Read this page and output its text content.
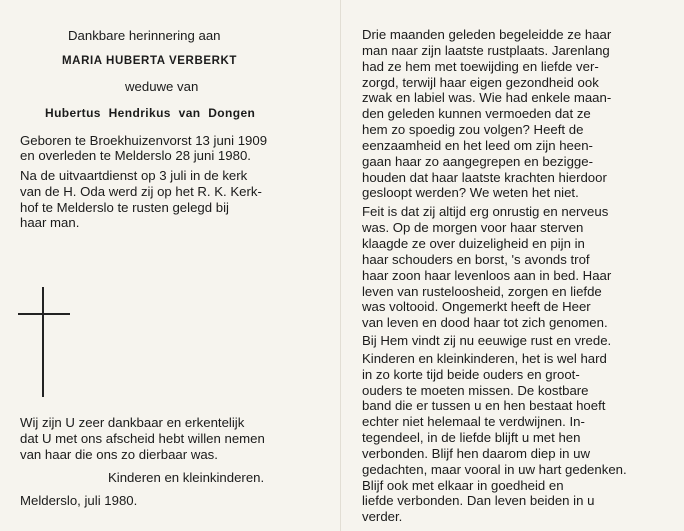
Dankbare herinnering aan
MARIA HUBERTA VERBERKT
weduwe van
Hubertus Hendrikus van Dongen
Geboren te Broekhuizenvorst 13 juni 1909
en overleden te Melderslo 28 juni 1980.
Na de uitvaartdienst op 3 juli in de kerk
van de H. Oda werd zij op het R. K. Kerk-
hof te Melderslo te rusten gelegd bij
haar man.
Wij zijn U zeer dankbaar en erkentelijk
dat U met ons afscheid hebt willen nemen
van haar die ons zo dierbaar was.
Kinderen en kleinkinderen.
Melderslo, juli 1980.
Drie maanden geleden begeleidde ze haar
man naar zijn laatste rustplaats. Jarenlang
had ze hem met toewijding en liefde ver-
zorgd, terwijl haar eigen gezondheid ook
zwak en labiel was. Wie had enkele maan-
den geleden kunnen vermoeden dat ze
hem zo spoedig zou volgen? Heeft de
eenzaamheid en het leed om zijn heen-
gaan haar zo aangegrepen en bezigge-
houden dat haar laatste krachten hierdoor
gesloopt werden? We weten het niet.
Feit is dat zij altijd erg onrustig en nerveus
was. Op de morgen voor haar sterven
klaagde ze over duizeligheid en pijn in
haar schouders en borst, 's avonds trof
haar zoon haar levenloos aan in bed. Haar
leven van rusteloosheid, zorgen en liefde
was voltooid. Ongemerkt heeft de Heer
van leven en dood haar tot zich genomen.
Bij Hem vindt zij nu eeuwige rust en vrede.
Kinderen en kleinkinderen, het is wel hard
in zo korte tijd beide ouders en groot-
ouders te moeten missen. De kostbare
band die er tussen u en hen bestaat hoeft
echter niet helemaal te verdwijnen. In-
tegendeel, in de liefde blijft u met hen
verbonden. Blijf hen daarom diep in uw
gedachten, maar vooral in uw hart gedenken.
Blijf ook met elkaar in goedheid en
liefde verbonden. Dan leven beiden in u
verder.
